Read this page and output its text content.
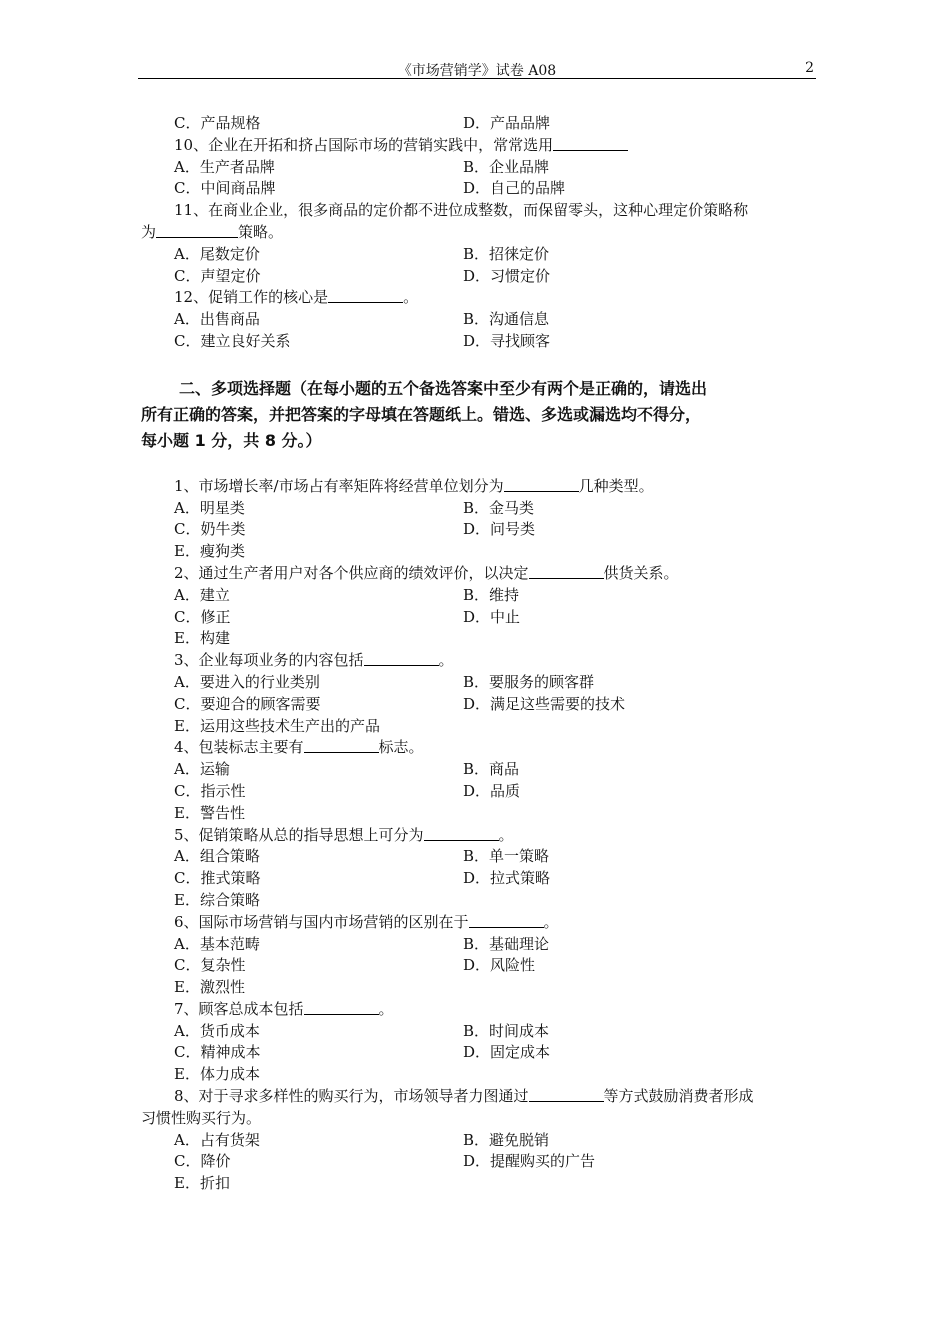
《市场营销学》试卷 A08	2
C．产品规格	D．产品品牌
10、企业在开拓和挤占国际市场的营销实践中，常常选用
A．生产者品牌	B．企业品牌
C．中间商品牌	D．自己的品牌
11、在商业企业，很多商品的定价都不进位成整数，而保留零头，这种心理定价策略称
为	策略。
A．尾数定价	B．招徕定价
C．声望定价	D．习惯定价
12、促销工作的核心是	。
A．出售商品	B．沟通信息
C．建立良好关系	D．寻找顾客
二、多项选择题（在每小题的五个备选答案中至少有两个是正确的，请选出
所有正确的答案，并把答案的字母填在答题纸上。错选、多选或漏选均不得分，
每小题 1 分，共 8 分。）
1、市场增长率/市场占有率矩阵将经营单位划分为	几种类型。
A．明星类	B．金马类
C．奶牛类	D．问号类
E．瘦狗类
2、通过生产者用户对各个供应商的绩效评价，以决定	供货关系。
A．建立	B．维持
C．修正	D．中止
E．构建
3、企业每项业务的内容包括	。
A．要进入的行业类别	B．要服务的顾客群
C．要迎合的顾客需要	D．满足这些需要的技术
E．运用这些技术生产出的产品
4、包装标志主要有	标志。
A．运输	B．商品
C．指示性	D．品质
E．警告性
5、促销策略从总的指导思想上可分为	。
A．组合策略	B．单一策略
C．推式策略	D．拉式策略
E．综合策略
6、国际市场营销与国内市场营销的区别在于	。
A．基本范畴	B．基础理论
C．复杂性	D．风险性
E．激烈性
7、顾客总成本包括	。
A．货币成本	B．时间成本
C．精神成本	D．固定成本
E．体力成本
8、对于寻求多样性的购买行为，市场领导者力图通过	等方式鼓励消费者形成
习惯性购买行为。
A．占有货架	B．避免脱销
C．降价	D．提醒购买的广告
E．折扣
